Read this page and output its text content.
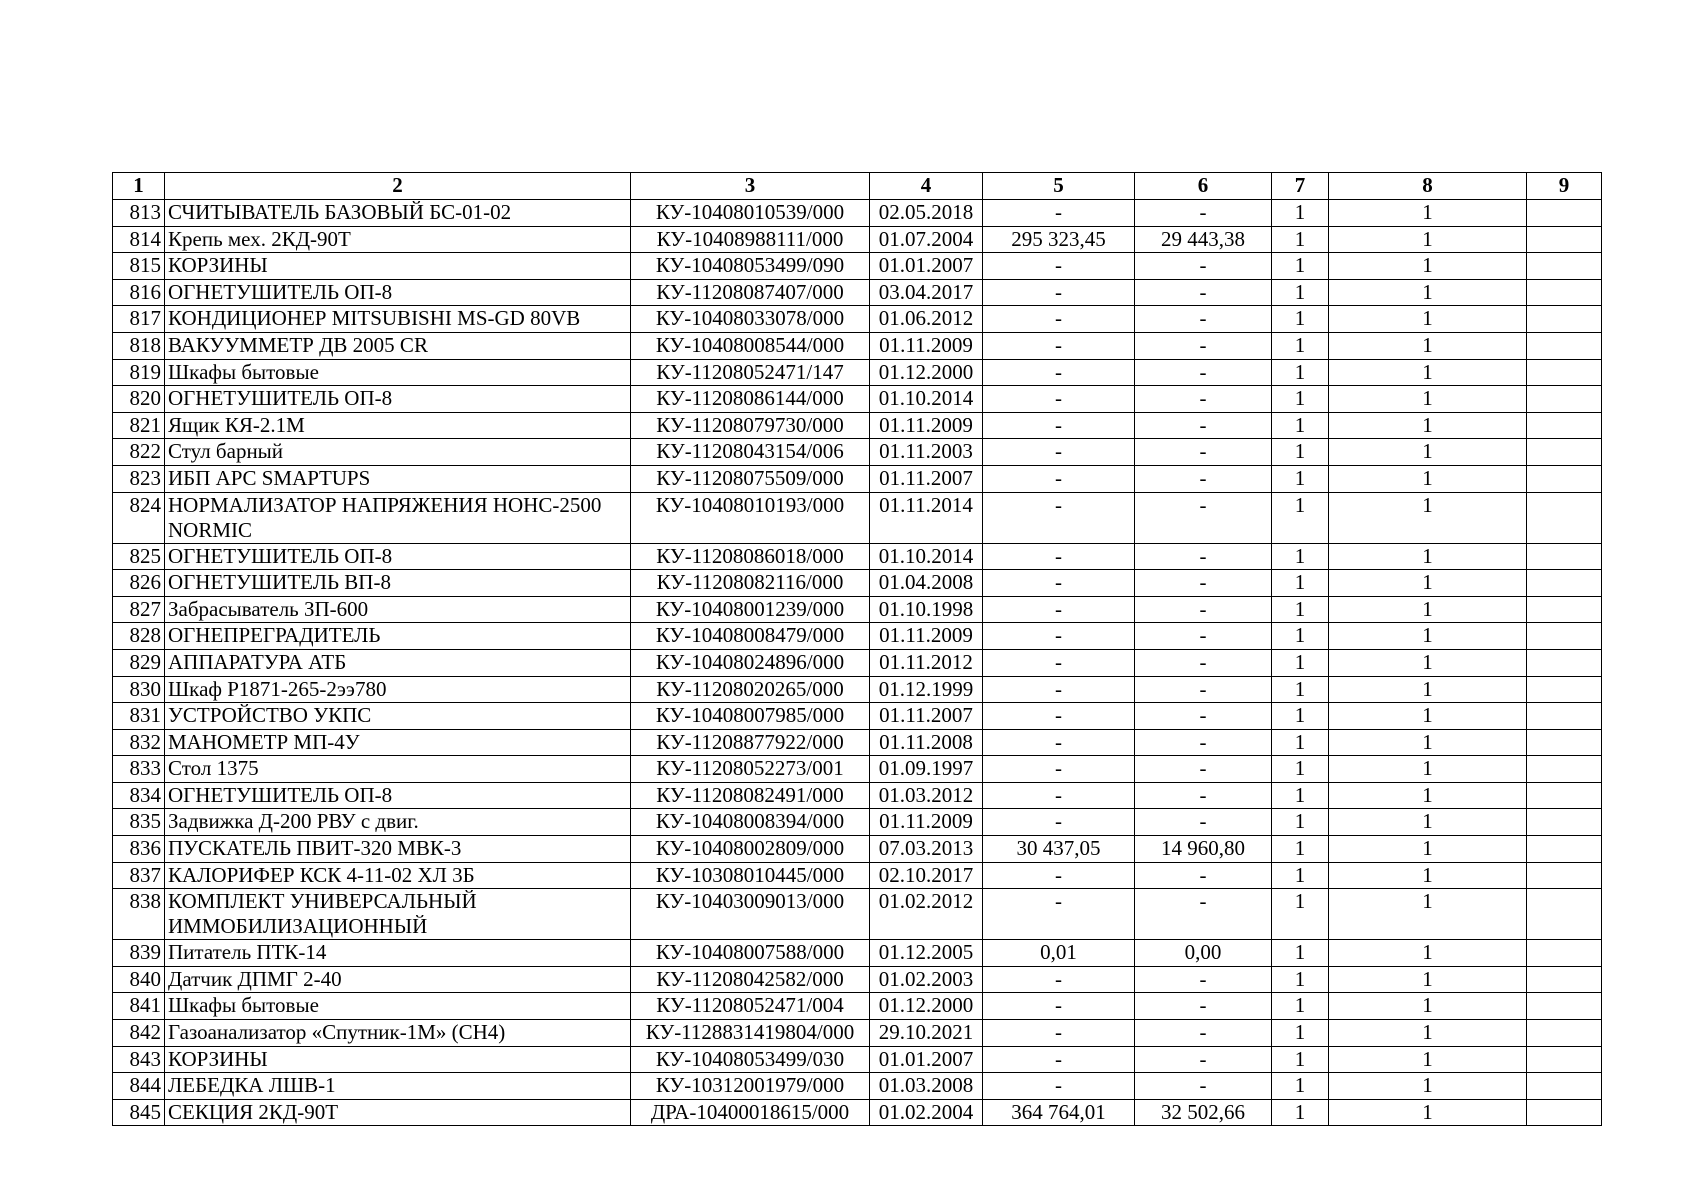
1	2	3	4	5	6	7	8	9
813	СЧИТЫВАТЕЛЬ БАЗОВЫЙ БС-01-02	КУ-10408010539/000	02.05.2018	-	-	1	1	
814	Крепь мех. 2КД-90Т	КУ-10408988111/000	01.07.2004	295 323,45	29 443,38	1	1	
815	КОРЗИНЫ	КУ-10408053499/090	01.01.2007	-	-	1	1	
816	ОГНЕТУШИТЕЛЬ ОП-8	КУ-11208087407/000	03.04.2017	-	-	1	1	
817	КОНДИЦИОНЕР MITSUBISHI MS-GD 80VB	КУ-10408033078/000	01.06.2012	-	-	1	1	
818	ВАКУУММЕТР ДВ 2005 CR	КУ-10408008544/000	01.11.2009	-	-	1	1	
819	Шкафы бытовые	КУ-11208052471/147	01.12.2000	-	-	1	1	
820	ОГНЕТУШИТЕЛЬ ОП-8	КУ-11208086144/000	01.10.2014	-	-	1	1	
821	Ящик КЯ-2.1М	КУ-11208079730/000	01.11.2009	-	-	1	1	
822	Стул барный	КУ-11208043154/006	01.11.2003	-	-	1	1	
823	ИБП APC SMAPTUPS	КУ-11208075509/000	01.11.2007	-	-	1	1	
824	НОРМАЛИЗАТОР НАПРЯЖЕНИЯ НОНС-2500 NORMIC	КУ-10408010193/000	01.11.2014	-	-	1	1	
825	ОГНЕТУШИТЕЛЬ ОП-8	КУ-11208086018/000	01.10.2014	-	-	1	1	
826	ОГНЕТУШИТЕЛЬ ВП-8	КУ-11208082116/000	01.04.2008	-	-	1	1	
827	Забрасыватель ЗП-600	КУ-10408001239/000	01.10.1998	-	-	1	1	
828	ОГНЕПРЕГРАДИТЕЛЬ	КУ-10408008479/000	01.11.2009	-	-	1	1	
829	АППАРАТУРА АТБ	КУ-10408024896/000	01.11.2012	-	-	1	1	
830	Шкаф Р1871-265-2ээ780	КУ-11208020265/000	01.12.1999	-	-	1	1	
831	УСТРОЙСТВО УКПС	КУ-10408007985/000	01.11.2007	-	-	1	1	
832	МАНОМЕТР МП-4У	КУ-11208877922/000	01.11.2008	-	-	1	1	
833	Стол 1375	КУ-11208052273/001	01.09.1997	-	-	1	1	
834	ОГНЕТУШИТЕЛЬ ОП-8	КУ-11208082491/000	01.03.2012	-	-	1	1	
835	Задвижка Д-200 РВУ с двиг.	КУ-10408008394/000	01.11.2009	-	-	1	1	
836	ПУСКАТЕЛЬ ПВИТ-320 МВК-3	КУ-10408002809/000	07.03.2013	30 437,05	14 960,80	1	1	
837	КАЛОРИФЕР КСК 4-11-02 ХЛ 3Б	КУ-10308010445/000	02.10.2017	-	-	1	1	
838	КОМПЛЕКТ УНИВЕРСАЛЬНЫЙ ИММОБИЛИЗАЦИОННЫЙ	КУ-10403009013/000	01.02.2012	-	-	1	1	
839	Питатель ПТК-14	КУ-10408007588/000	01.12.2005	0,01	0,00	1	1	
840	Датчик ДПМГ 2-40	КУ-11208042582/000	01.02.2003	-	-	1	1	
841	Шкафы бытовые	КУ-11208052471/004	01.12.2000	-	-	1	1	
842	Газоанализатор «Спутник-1М» (СН4)	КУ-1128831419804/000	29.10.2021	-	-	1	1	
843	КОРЗИНЫ	КУ-10408053499/030	01.01.2007	-	-	1	1	
844	ЛЕБЕДКА ЛШВ-1	КУ-10312001979/000	01.03.2008	-	-	1	1	
845	СЕКЦИЯ 2КД-90Т	ДРА-10400018615/000	01.02.2004	364 764,01	32 502,66	1	1	
